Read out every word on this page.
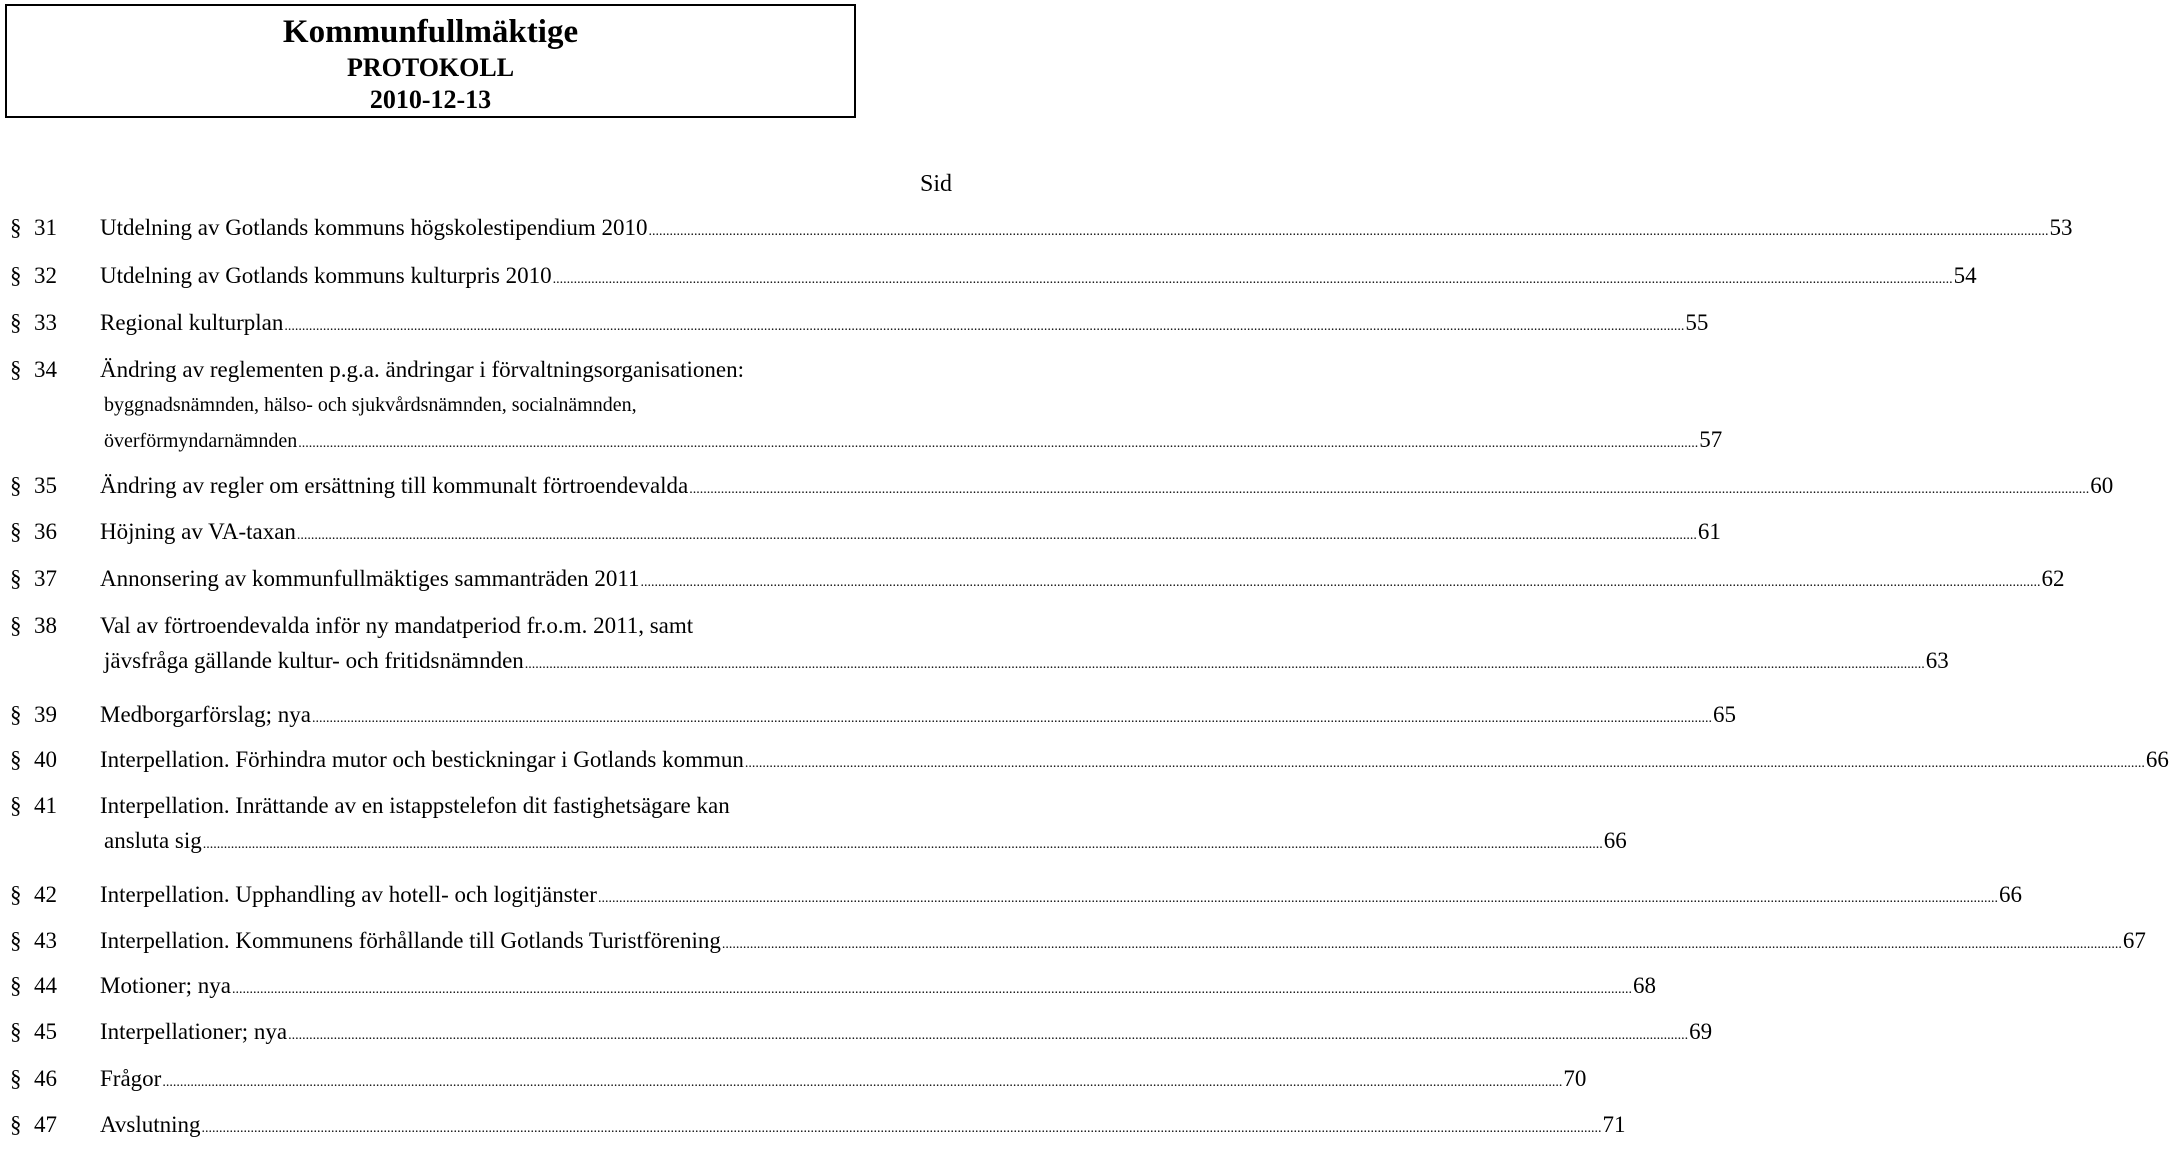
Kommunfullmäktige
PROTOKOLL
2010-12-13
Sid
§ 31 Utdelning av Gotlands kommuns högskolestipendium 2010 ................................................................................................................................................................................................................................................................................................................................................................................................................ 53
§ 32 Utdelning av Gotlands kommuns kulturpris 2010 ................................................................................................................................................................................................................................................................................................................................................................................................................ 54
§ 33 Regional kulturplan ................................................................................................................................................................................................................................................................................................................................................................................................................ 55
§ 34 Ändring av reglementen p.g.a. ändringar i förvaltningsorganisationen:
byggnadsnämnden, hälso- och sjukvårdsnämnden, socialnämnden,
överförmyndarnämnden ................................................................................................................................................................................................................................................................................................................................................................................................................ 57
§ 35 Ändring av regler om ersättning till kommunalt förtroendevalda ................................................................................................................................................................................................................................................................................................................................................................................................................ 60
§ 36 Höjning av VA-taxan ................................................................................................................................................................................................................................................................................................................................................................................................................ 61
§ 37 Annonsering av kommunfullmäktiges sammanträden 2011 ................................................................................................................................................................................................................................................................................................................................................................................................................ 62
§ 38 Val av förtroendevalda inför ny mandatperiod fr.o.m. 2011, samt
jävsfråga gällande kultur- och fritidsnämnden ................................................................................................................................................................................................................................................................................................................................................................................................................ 63
§ 39 Medborgarförslag; nya ................................................................................................................................................................................................................................................................................................................................................................................................................ 65
§ 40 Interpellation. Förhindra mutor och bestickningar i Gotlands kommun ................................................................................................................................................................................................................................................................................................................................................................................................................ 66
§ 41 Interpellation. Inrättande av en istappstelefon dit fastighetsägare kan
ansluta sig ................................................................................................................................................................................................................................................................................................................................................................................................................ 66
§ 42 Interpellation. Upphandling av hotell- och logitjänster ................................................................................................................................................................................................................................................................................................................................................................................................................ 66
§ 43 Interpellation. Kommunens förhållande till Gotlands Turistförening ................................................................................................................................................................................................................................................................................................................................................................................................................ 67
§ 44 Motioner; nya ................................................................................................................................................................................................................................................................................................................................................................................................................ 68
§ 45 Interpellationer; nya ................................................................................................................................................................................................................................................................................................................................................................................................................ 69
§ 46 Frågor ................................................................................................................................................................................................................................................................................................................................................................................................................ 70
§ 47 Avslutning ................................................................................................................................................................................................................................................................................................................................................................................................................ 71
